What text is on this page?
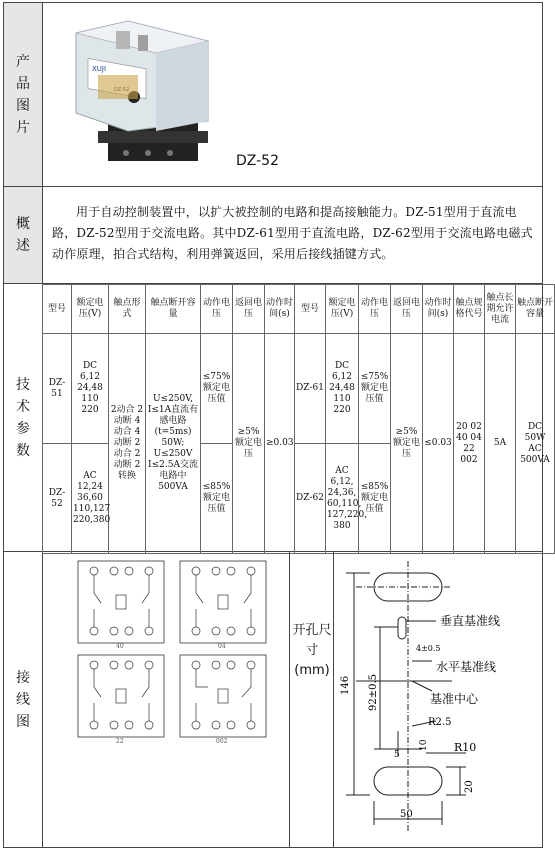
产品图片
概述
技术参数
接线图
XUJI
DZ-52
用于自动控制装置中，以扩大被控制的电路和提高接触能力。DZ-51型用于直流电路，DZ-52型用于交流电路。其中DZ-61型用于直流电路，DZ-62型用于交流电路电磁式动作原理，拍合式结构，利用弹簧返回，采用后接线插键方式。
型号	额定电压(V)	触点形式	触点断开容量	动作电压	返回电压	动作时间(s)	型号	额定电压(V)	动作电压	返回电压	动作时间(s)	触点规格代号	触点长期允许电流	触点断开容量
DZ-51	DC 6,12 24,48 110 220	2动合 2动断 4动合 4动断 2动合 2动断 2转换	U≤250V, I≤1A直流有感电路(t=5ms) 50W; U≤250V I≤2.5A交流电路中500VA	≤75%额定电压值	≥5%额定电压	≥0.03	DZ-61	DC 6,12 24,48 110 220	≤75%额定电压值	≥5%额定电压	≤0.03	20 02 40 04 22 002	5A	DC 50W AC 500VA
DZ-52	AC 12,24 36,60 110,127 220,380			≤85%额定电压值			DZ-62	AC 6,12, 24,36, 60,110, 127,220, 380	≤85%额定电压值					
40	04
22	002
开孔尺寸(mm)
垂直基准线
水平基准线
基准中心
4±0.5
146 92±0.5
R2.5
10
5
R10
20
50
